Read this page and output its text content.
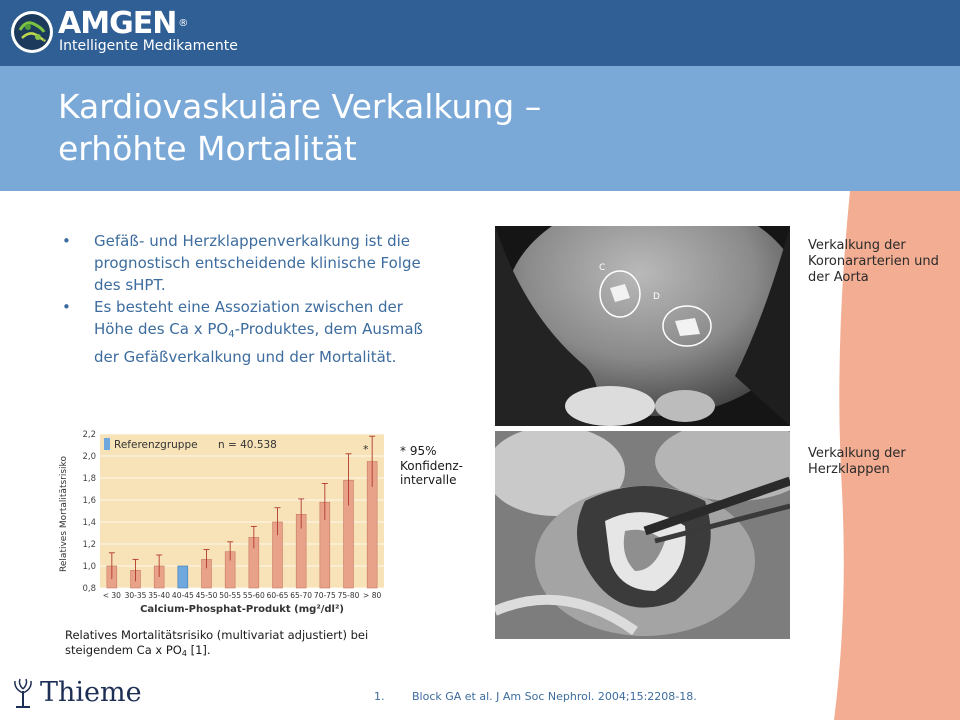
AMGEN ®
Intelligente Medikamente
Kardiovaskuläre Verkalkung –
erhöhte Mortalität
• Gefäß- und Herzklappenverkalkung ist die prognostisch entscheidende klinische Folge des sHPT.
• Es besteht eine Assoziation zwischen der Höhe des Ca x $PO_4$-Produktes, dem Ausmaß der Gefäßverkalkung und der Mortalität.
C
D
Verkalkung der Koronararterien und der Aorta
Verkalkung der Herzklappen
0,8
1,0
1,2
1,4
1,6
1,8
2,0
2,2
< 30 30-35 35-40 40-45 45-50 50-55 55-60 60-65 65-70 70-75 75-80 > 80
Referenzgruppe n = 40.538	*
Relatives Mortalitätsrisiko
Calcium-Phosphat-Produkt (mg²/dl²)
* 95%
Konfidenz-
intervalle
Relatives Mortalitätsrisiko (multivariat adjustiert) bei steigendem Ca x PO4 [1].
Thieme	1.	Block GA et al. J Am Soc Nephrol. 2004;15:2208-18.
